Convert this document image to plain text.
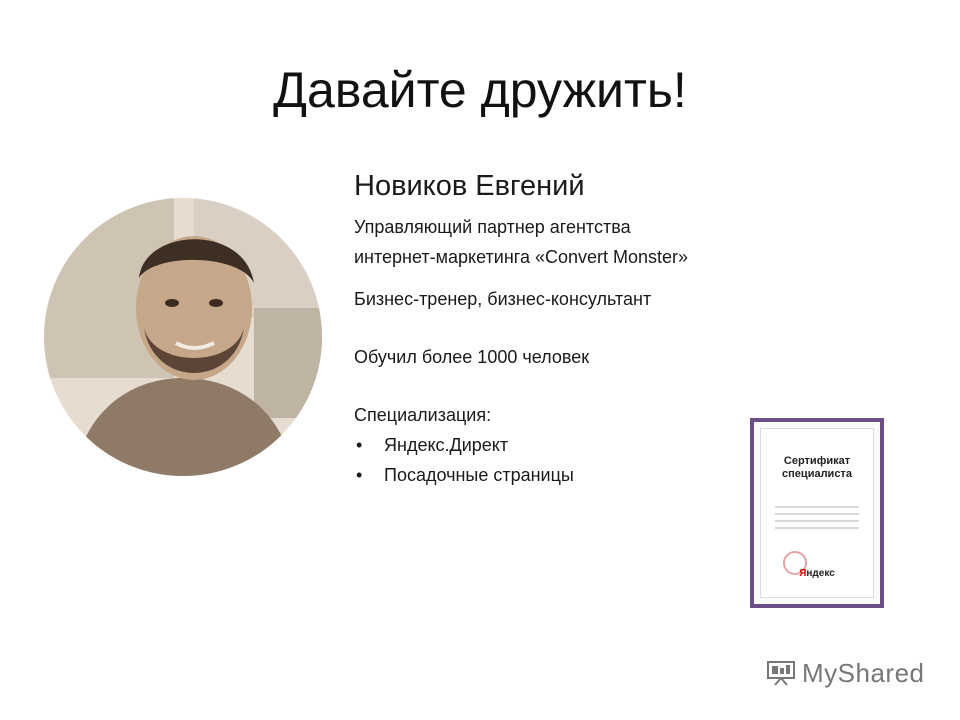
Давайте дружить!
Новиков Евгений
Управляющий партнер агентства
интернет-маркетинга «Convert Monster»
Бизнес-тренер, бизнес-консультант
Обучил более 1000 человек
Специализация:
• Яндекс.Директ
• Посадочные страницы
Сертификат
специалиста
Яндекс
MyShared
